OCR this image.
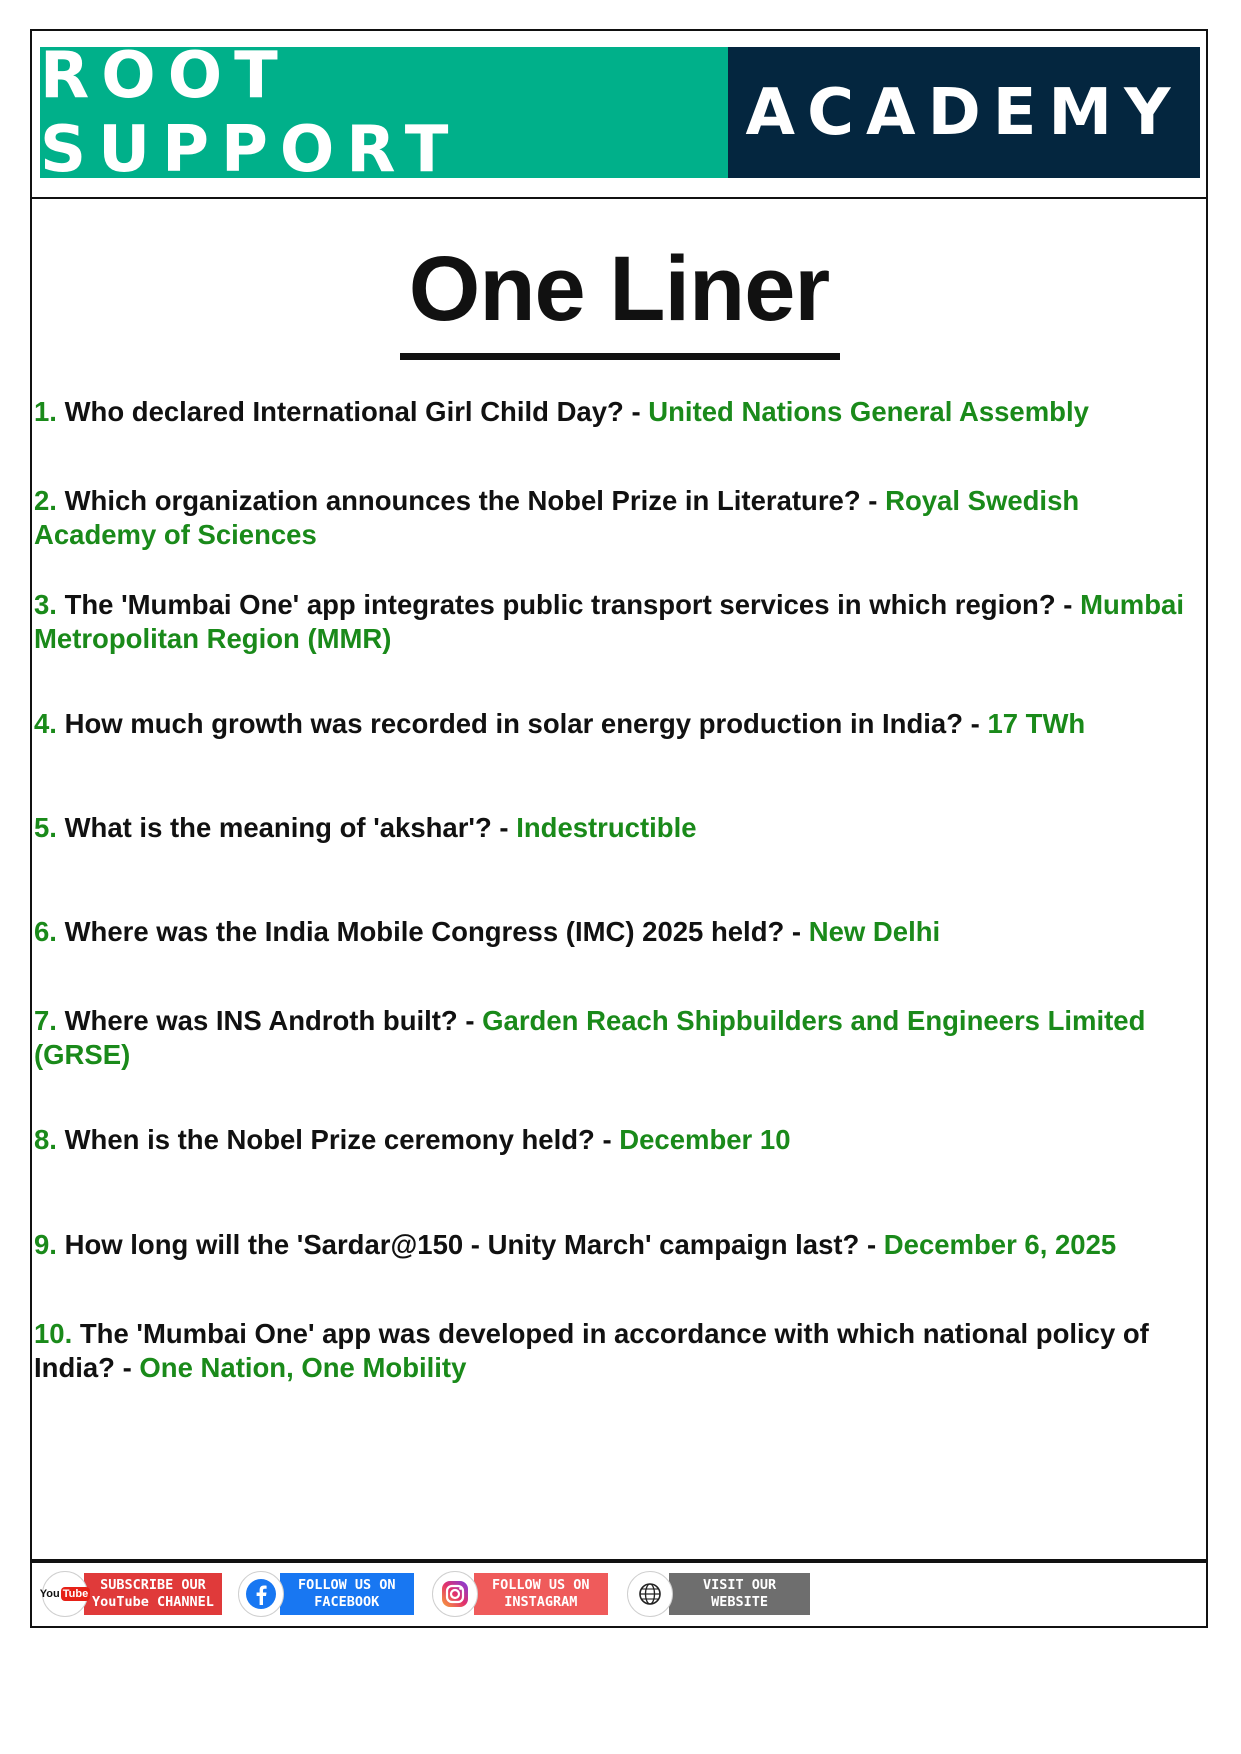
ROOT SUPPORT	ACADEMY
One Liner

1. Who declared International Girl Child Day? - United Nations General Assembly

2. Which organization announces the Nobel Prize in Literature? - Royal Swedish Academy of Sciences

3. The 'Mumbai One' app integrates public transport services in which region? - Mumbai Metropolitan Region (MMR)

4. How much growth was recorded in solar energy production in India? - 17 TWh

5. What is the meaning of 'akshar'? - Indestructible

6. Where was the India Mobile Congress (IMC) 2025 held? - New Delhi

7. Where was INS Androth built? - Garden Reach Shipbuilders and Engineers Limited (GRSE)

8. When is the Nobel Prize ceremony held? - December 10

9. How long will the 'Sardar@150 - Unity March' campaign last? - December 6, 2025

10. The 'Mumbai One' app was developed in accordance with which national policy of India? - One Nation, One Mobility

You Tube
SUBSCRIBE OUR
YouTube CHANNEL
FOLLOW US ON
FACEBOOK
FOLLOW US ON
INSTAGRAM
VISIT OUR
WEBSITE
